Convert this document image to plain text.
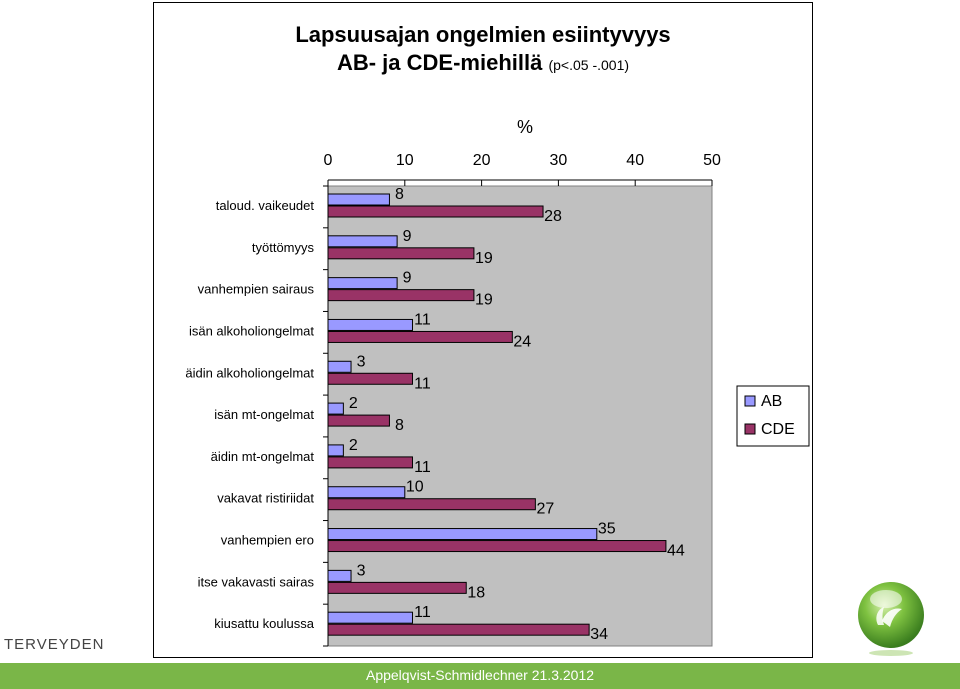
Lapsuusajan ongelmien esiintyvyys
AB- ja CDE-miehillä (p<.05 -.001)
0	10	20	30	40	50
%
taloud. vaikeudet
8
28
työttömyys
9
19
vanhempien sairaus
9
19
isän alkoholiongelmat
11
24
äidin alkoholiongelmat
3
11
isän mt-ongelmat
2
8
äidin mt-ongelmat
2
11
vakavat ristiriidat
10
27
vanhempien ero
35
44
itse vakavasti sairas
3
18
kiusattu koulussa
11
34
AB
CDE
TERVEYDEN
Appelqvist-Schmidlechner 21.3.2012
